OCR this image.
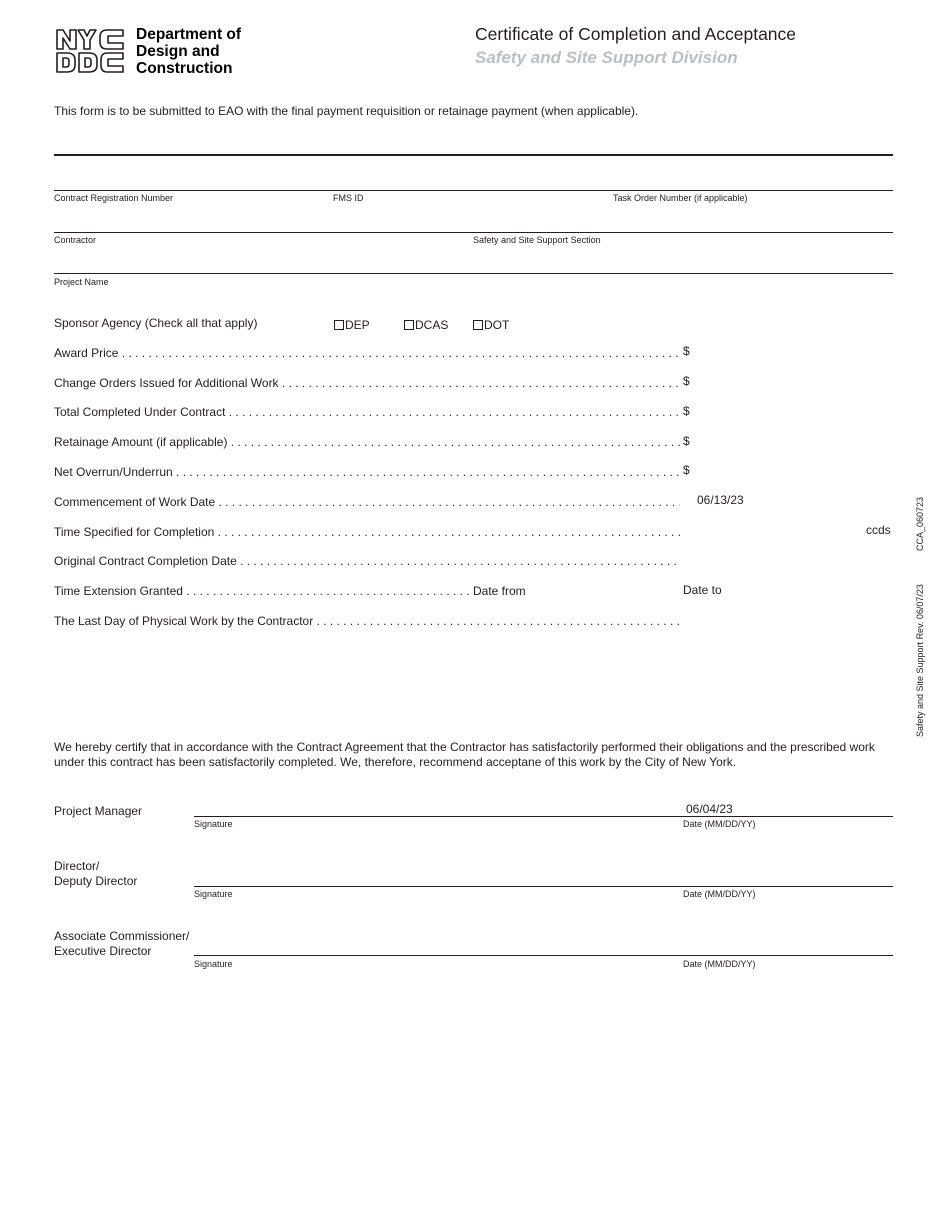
NYC DDC	Department of
Design and
Construction
Certificate of Completion and Acceptance
Safety and Site Support Division
This form is to be submitted to EAO with the final payment requisition or retainage payment (when applicable).
Contract Registration Number	FMS ID	Task Order Number (if applicable)
Contractor	Safety and Site Support Section
Project Name
Sponsor Agency (Check all that apply)	DEP	DCAS	DOT
Award Price . . .	$
Change Orders Issued for Additional Work . . .	$
Total Completed Under Contract . . .	$
Retainage Amount (if applicable) . . .	$
Net Overrun/Underrun . . .	$
Commencement of Work Date . . .	06/13/23
Time Specified for Completion . . .	ccds
Original Contract Completion Date . . .
Time Extension Granted . . .	Date from	Date to
The Last Day of Physical Work by the Contractor . . .
CCA_060723
Safety and Site Support Rev. 06/07/23
We hereby certify that in accordance with the Contract Agreement that the Contractor has satisfactorily performed their obligations and the prescribed work under this contract has been satisfactorily completed. We, therefore, recommend acceptane of this work by the City of New York.
Project Manager	06/04/23
Signature	Date (MM/DD/YY)
Director/
Deputy Director
Signature	Date (MM/DD/YY)
Associate Commissioner/
Executive Director
Signature	Date (MM/DD/YY)
